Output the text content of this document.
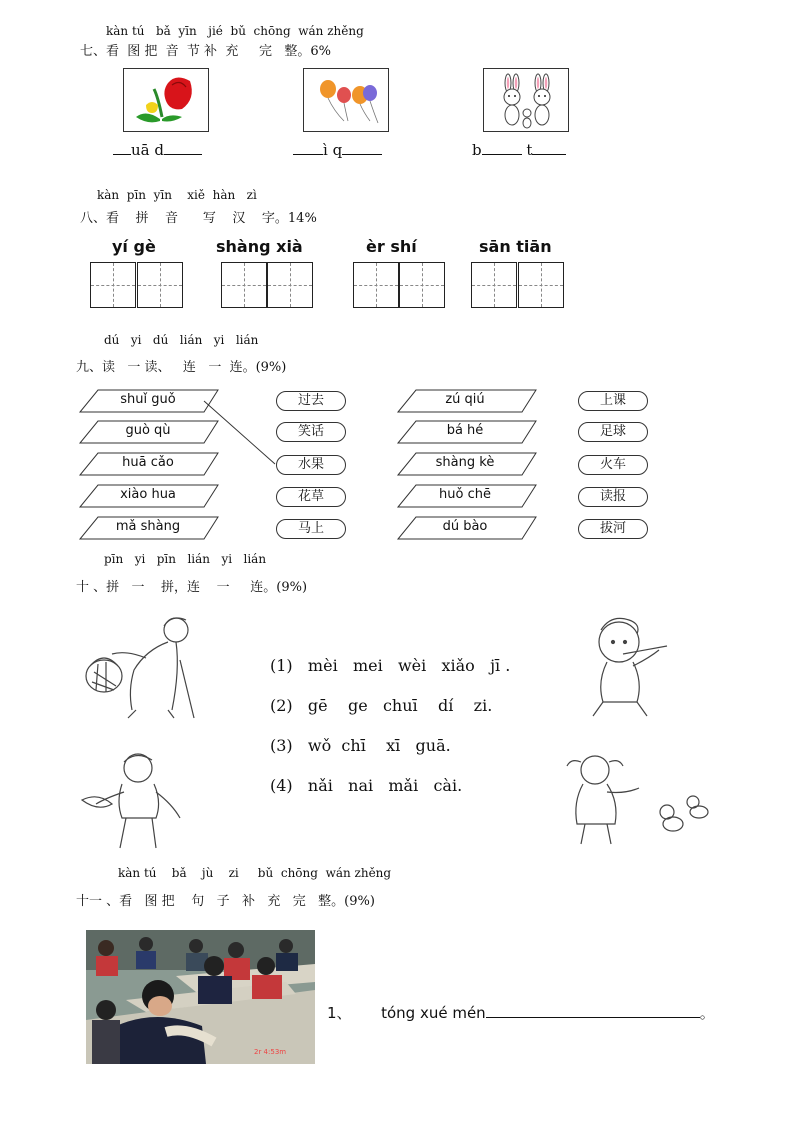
kàn tú   bǎ  yīn   jié  bǔ  chōng  wán zhěng
七、看  图 把  音  节 补  充     完   整。6%
uā d	ì q	b	t
kàn  pīn  yīn    xiě  hàn   zì
八、看    拼    音      写    汉    字。14%
yí gè	shàng xià	èr shí	sān tiān
dú   yi   dú   lián   yi   lián
九、读   一 读、   连   一  连。(9%)
shuǐ guǒ
guò qù
huā cǎo
xiào hua
mǎ shàng
过去
笑话
水果
花草
马上
zú qiú
bá hé
shàng kè
huǒ chē
dú bào
上课
足球
火车
读报
拔河
pīn   yi   pīn   lián   yi   lián
十 、拼   一    拼，连    一     连。(9%)
(1)   mèi   mei   wèi   xiǎo   jī .
(2)   gē    ge   chuī    dí    zi.
(3)   wǒ  chī    xī   guā.
(4)   nǎi   nai   mǎi   cài.
kàn tú    bǎ    jù    zi     bǔ  chōng  wán zhěng
十一 、看   图 把    句   子   补   充   完   整。(9%)
2r 4:53m
1、 tóng xué mén	。
